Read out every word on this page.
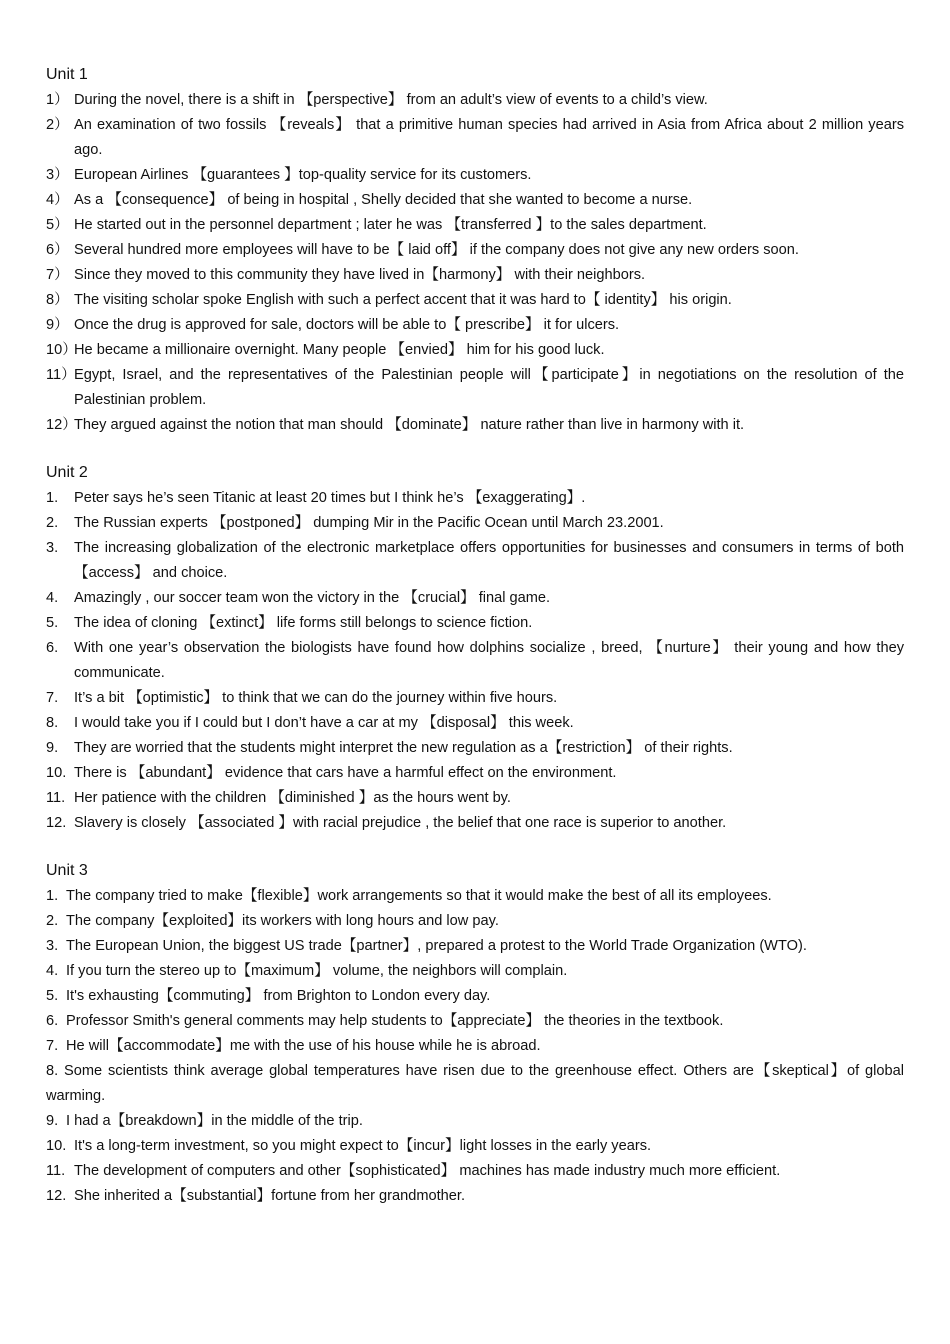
Unit 1
1） During the novel, there is a shift in 【perspective】 from an adult’s view of events to a child’s view.
2） An examination of two fossils 【reveals】 that a primitive human species had arrived in Asia from Africa about 2 million years ago.
3） European Airlines 【guarantees 】top-quality service for its customers.
4） As a 【consequence】 of being in hospital , Shelly decided that she wanted to become a nurse.
5） He started out in the personnel department ; later he was 【transferred 】to the sales department.
6） Several hundred more employees will have to be【 laid off】 if the company does not give any new orders soon.
7） Since they moved to this community they have lived in【harmony】 with their neighbors.
8） The visiting scholar spoke English with such a perfect accent that it was hard to【 identity】 his origin.
9） Once the drug is approved for sale, doctors will be able to【 prescribe】 it for ulcers.
10）
He became a millionaire overnight. Many people 【envied】 him for his good luck.
11）
Egypt, Israel, and the representatives of the Palestinian people will【participate】in negotiations on the resolution of the Palestinian problem.
12）
They argued against the notion that man should 【dominate】 nature rather than live in harmony with it.
Unit 2
1.	Peter says he’s seen Titanic at least 20 times but I think he’s 【exaggerating】.
2.	The Russian experts 【postponed】 dumping Mir in the Pacific Ocean until March 23.2001.
3.	The increasing globalization of the electronic marketplace offers opportunities for businesses and consumers in terms of both 【access】 and choice.
4.	Amazingly , our soccer team won the victory in the 【crucial】 final game.
5.	The idea of cloning 【extinct】 life forms still belongs to science fiction.
6.	With one year’s observation the biologists have found how dolphins socialize , breed, 【nurture】 their young and how they communicate.
7.	It’s a bit 【optimistic】 to think that we can do the journey within five hours.
8.	I would take you if I could but I don’t have a car at my 【disposal】 this week.
9.	They are worried that the students might interpret the new regulation as a【restriction】 of their rights.
10. There is 【abundant】 evidence that cars have a harmful effect on the environment.
11. Her patience with the children 【diminished 】as the hours went by.
12. Slavery is closely 【associated 】with racial prejudice , the belief that one race is superior to another.
Unit 3
1. The company tried to make【flexible】work arrangements so that it would make the best of all its employees.
2. The company【exploited】its workers with long hours and low pay.
3. The European Union, the biggest US trade【partner】, prepared a protest to the World Trade Organization (WTO).
4. If you turn the stereo up to【maximum】 volume, the neighbors will complain.
5. It's exhausting【commuting】 from Brighton to London every day.
6. Professor Smith's general comments may help students to【appreciate】 the theories in the textbook.
7. He will【accommodate】me with the use of his house while he is abroad.
8. Some scientists think average global temperatures have risen due to the greenhouse effect. Others are【skeptical】of global warming.
9. I had a【breakdown】in the middle of the trip.
10. It's a long-term investment, so you might expect to【incur】light losses in the early years.
11. The development of computers and other【sophisticated】 machines has made industry much more efficient.
12. She inherited a【substantial】fortune from her grandmother.
